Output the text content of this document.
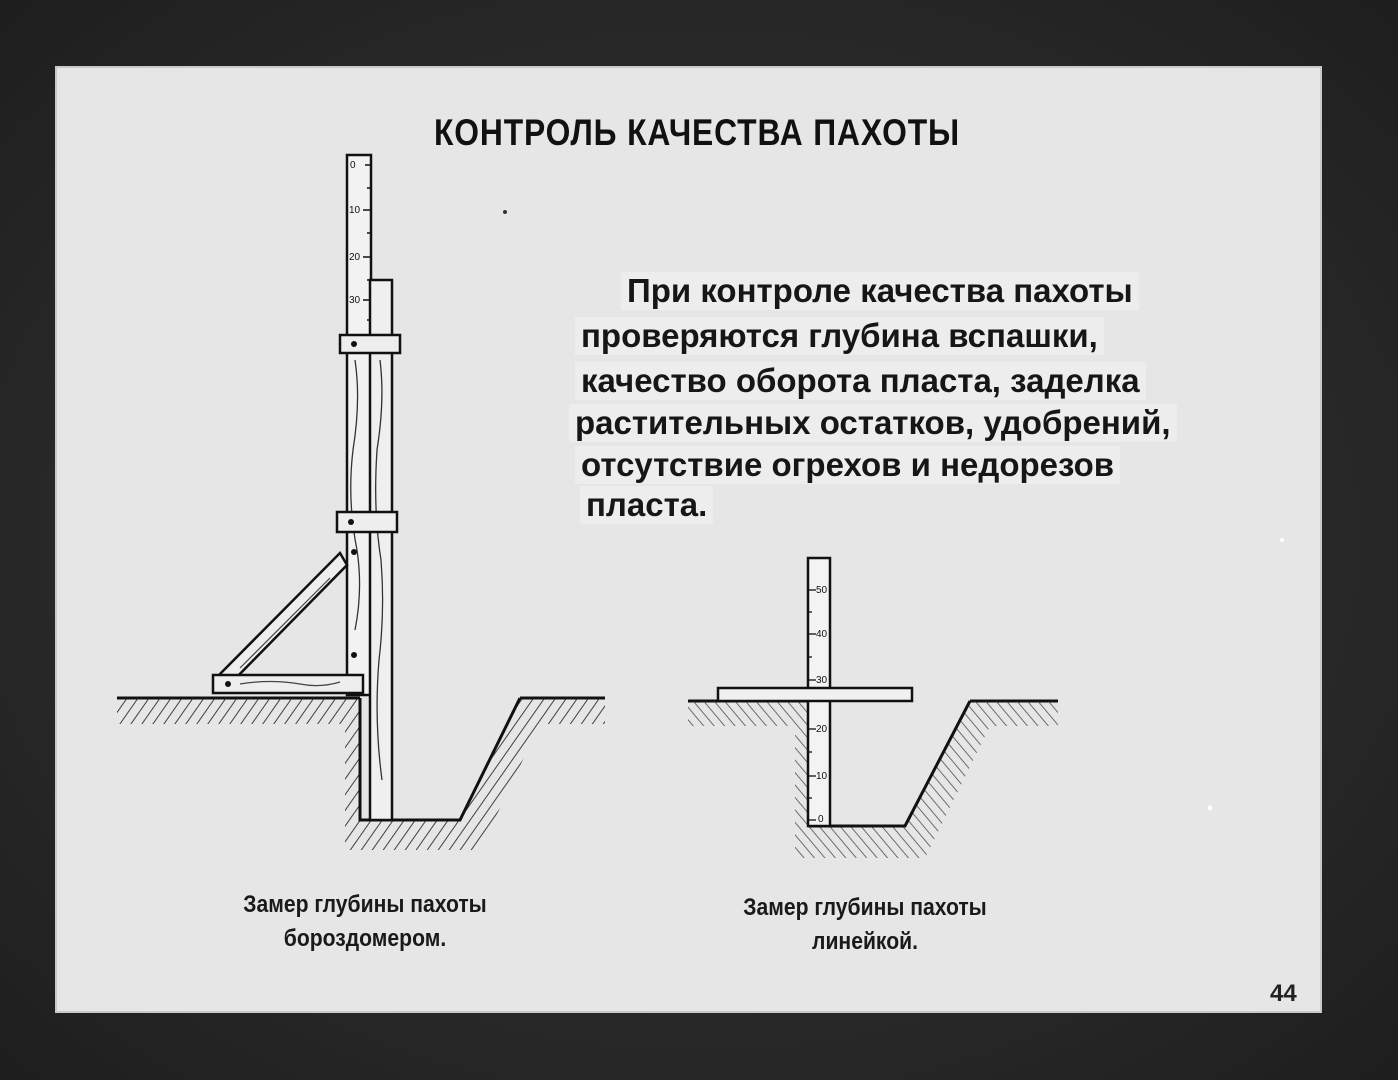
КОНТРОЛЬ КАЧЕСТВА ПАХОТЫ
При контроле качества пахоты
проверяются глубина вспашки,
качество оборота пласта, заделка
растительных остатков, удобрений,
отсутствие огрехов и недорезов
пласта.
Замер глубины пахоты
бороздомером.
Замер глубины пахоты
линейкой.
44
0
10
20
30
50
40
30
20
10
0
